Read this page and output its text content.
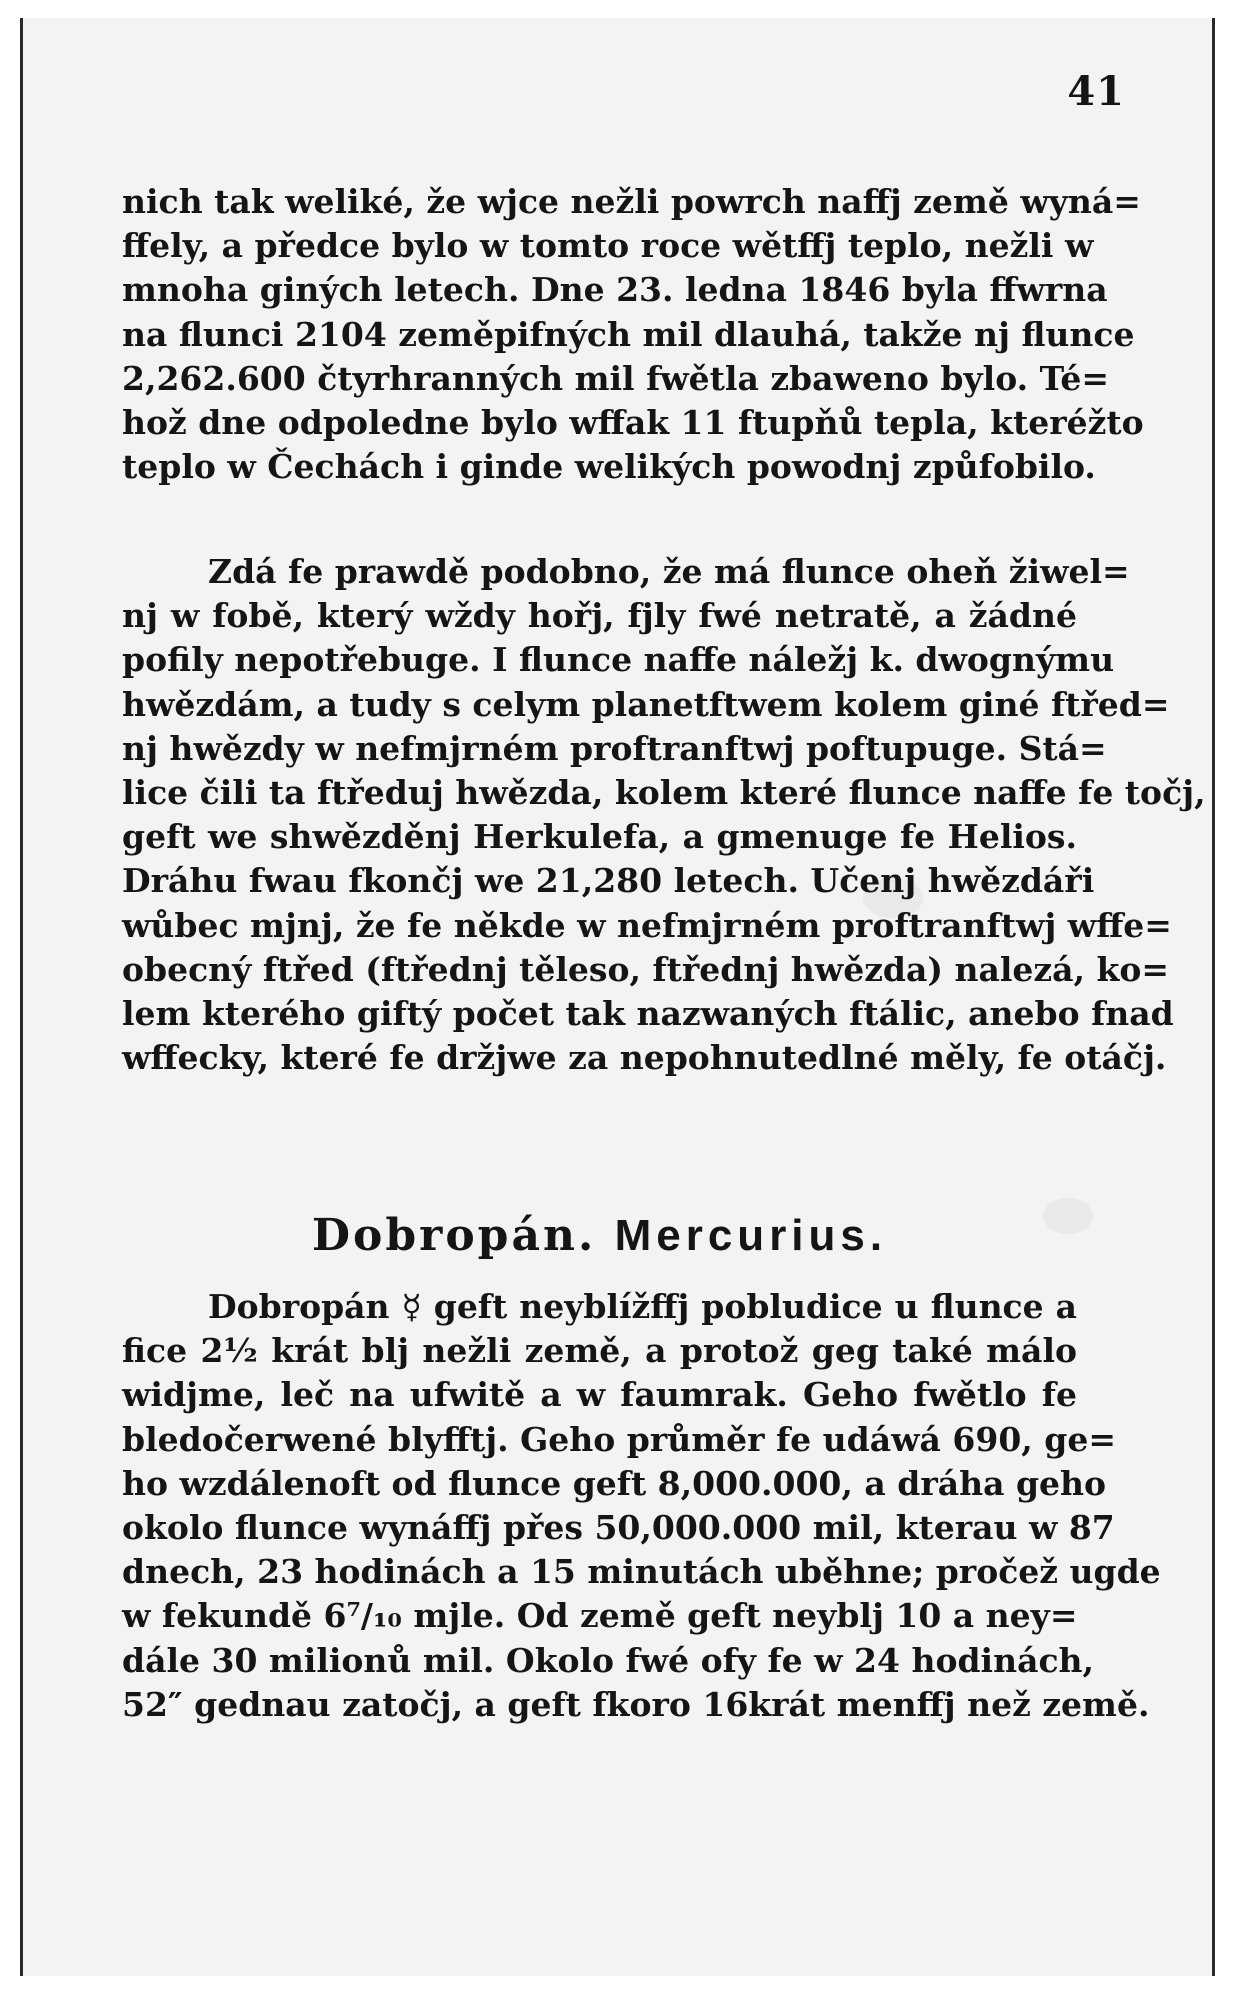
41
nich tak weliké, že wjce nežli powrch naffj země wyná=
ffely, a předce bylo w tomto roce wětffj teplo, nežli w
mnoha giných letech. Dne 23. ledna 1846 byla ffwrna
na flunci 2104 zeměpifných mil dlauhá, takže nj flunce
2,262.600 čtyrhranných mil fwětla zbaweno bylo. Té=
hož dne odpoledne bylo wffak 11 ftupňů tepla, kteréžto
teplo w Čechách i ginde welikých powodnj způfobilo.
Zdá fe prawdě podobno, že má flunce oheň žiwel=
nj w fobě, který wždy hořj, fjly fwé netratě, a žádné
pofily nepotřebuge. I flunce naffe náležj k. dwognýmu
hwězdám, a tudy s celym planetftwem kolem giné ftřed=
nj hwězdy w nefmjrném proftranftwj poftupuge. Stá=
lice čili ta ftředuj hwězda, kolem které flunce naffe fe točj,
geft we shwězděnj Herkulefa, a gmenuge fe Helios.
Dráhu fwau fkončj we 21,280 letech. Učenj hwězdáři
wůbec mjnj, že fe někde w nefmjrném proftranftwj wffe=
obecný ftřed (ftřednj těleso, ftřednj hwězda) nalezá, ko=
lem kterého giftý počet tak nazwaných ftálic, anebo fnad
wffecky, které fe držjwe za nepohnutedlné měly, fe otáčj.
Dobropán. Mercurius.
Dobropán ☿ geft neyblížffj pobludice u flunce a
fice 2½ krát blj nežli země, a protož geg také málo
widjme, leč na ufwitě a w faumrak. Geho fwětlo fe
bledočerwené blyfftj. Geho průměr fe udáwá 690, ge=
ho wzdálenoft od flunce geft 8,000.000, a dráha geho
okolo flunce wynáffj přes 50,000.000 mil, kterau w 87
dnech, 23 hodinách a 15 minutách uběhne; pročež ugde
w fekundě 6⁷/₁₀ mjle. Od země geft neyblj 10 a ney=
dále 30 milionů mil. Okolo fwé ofy fe w 24 hodinách,
52″ gednau zatočj, a geft fkoro 16krát menffj než země.
